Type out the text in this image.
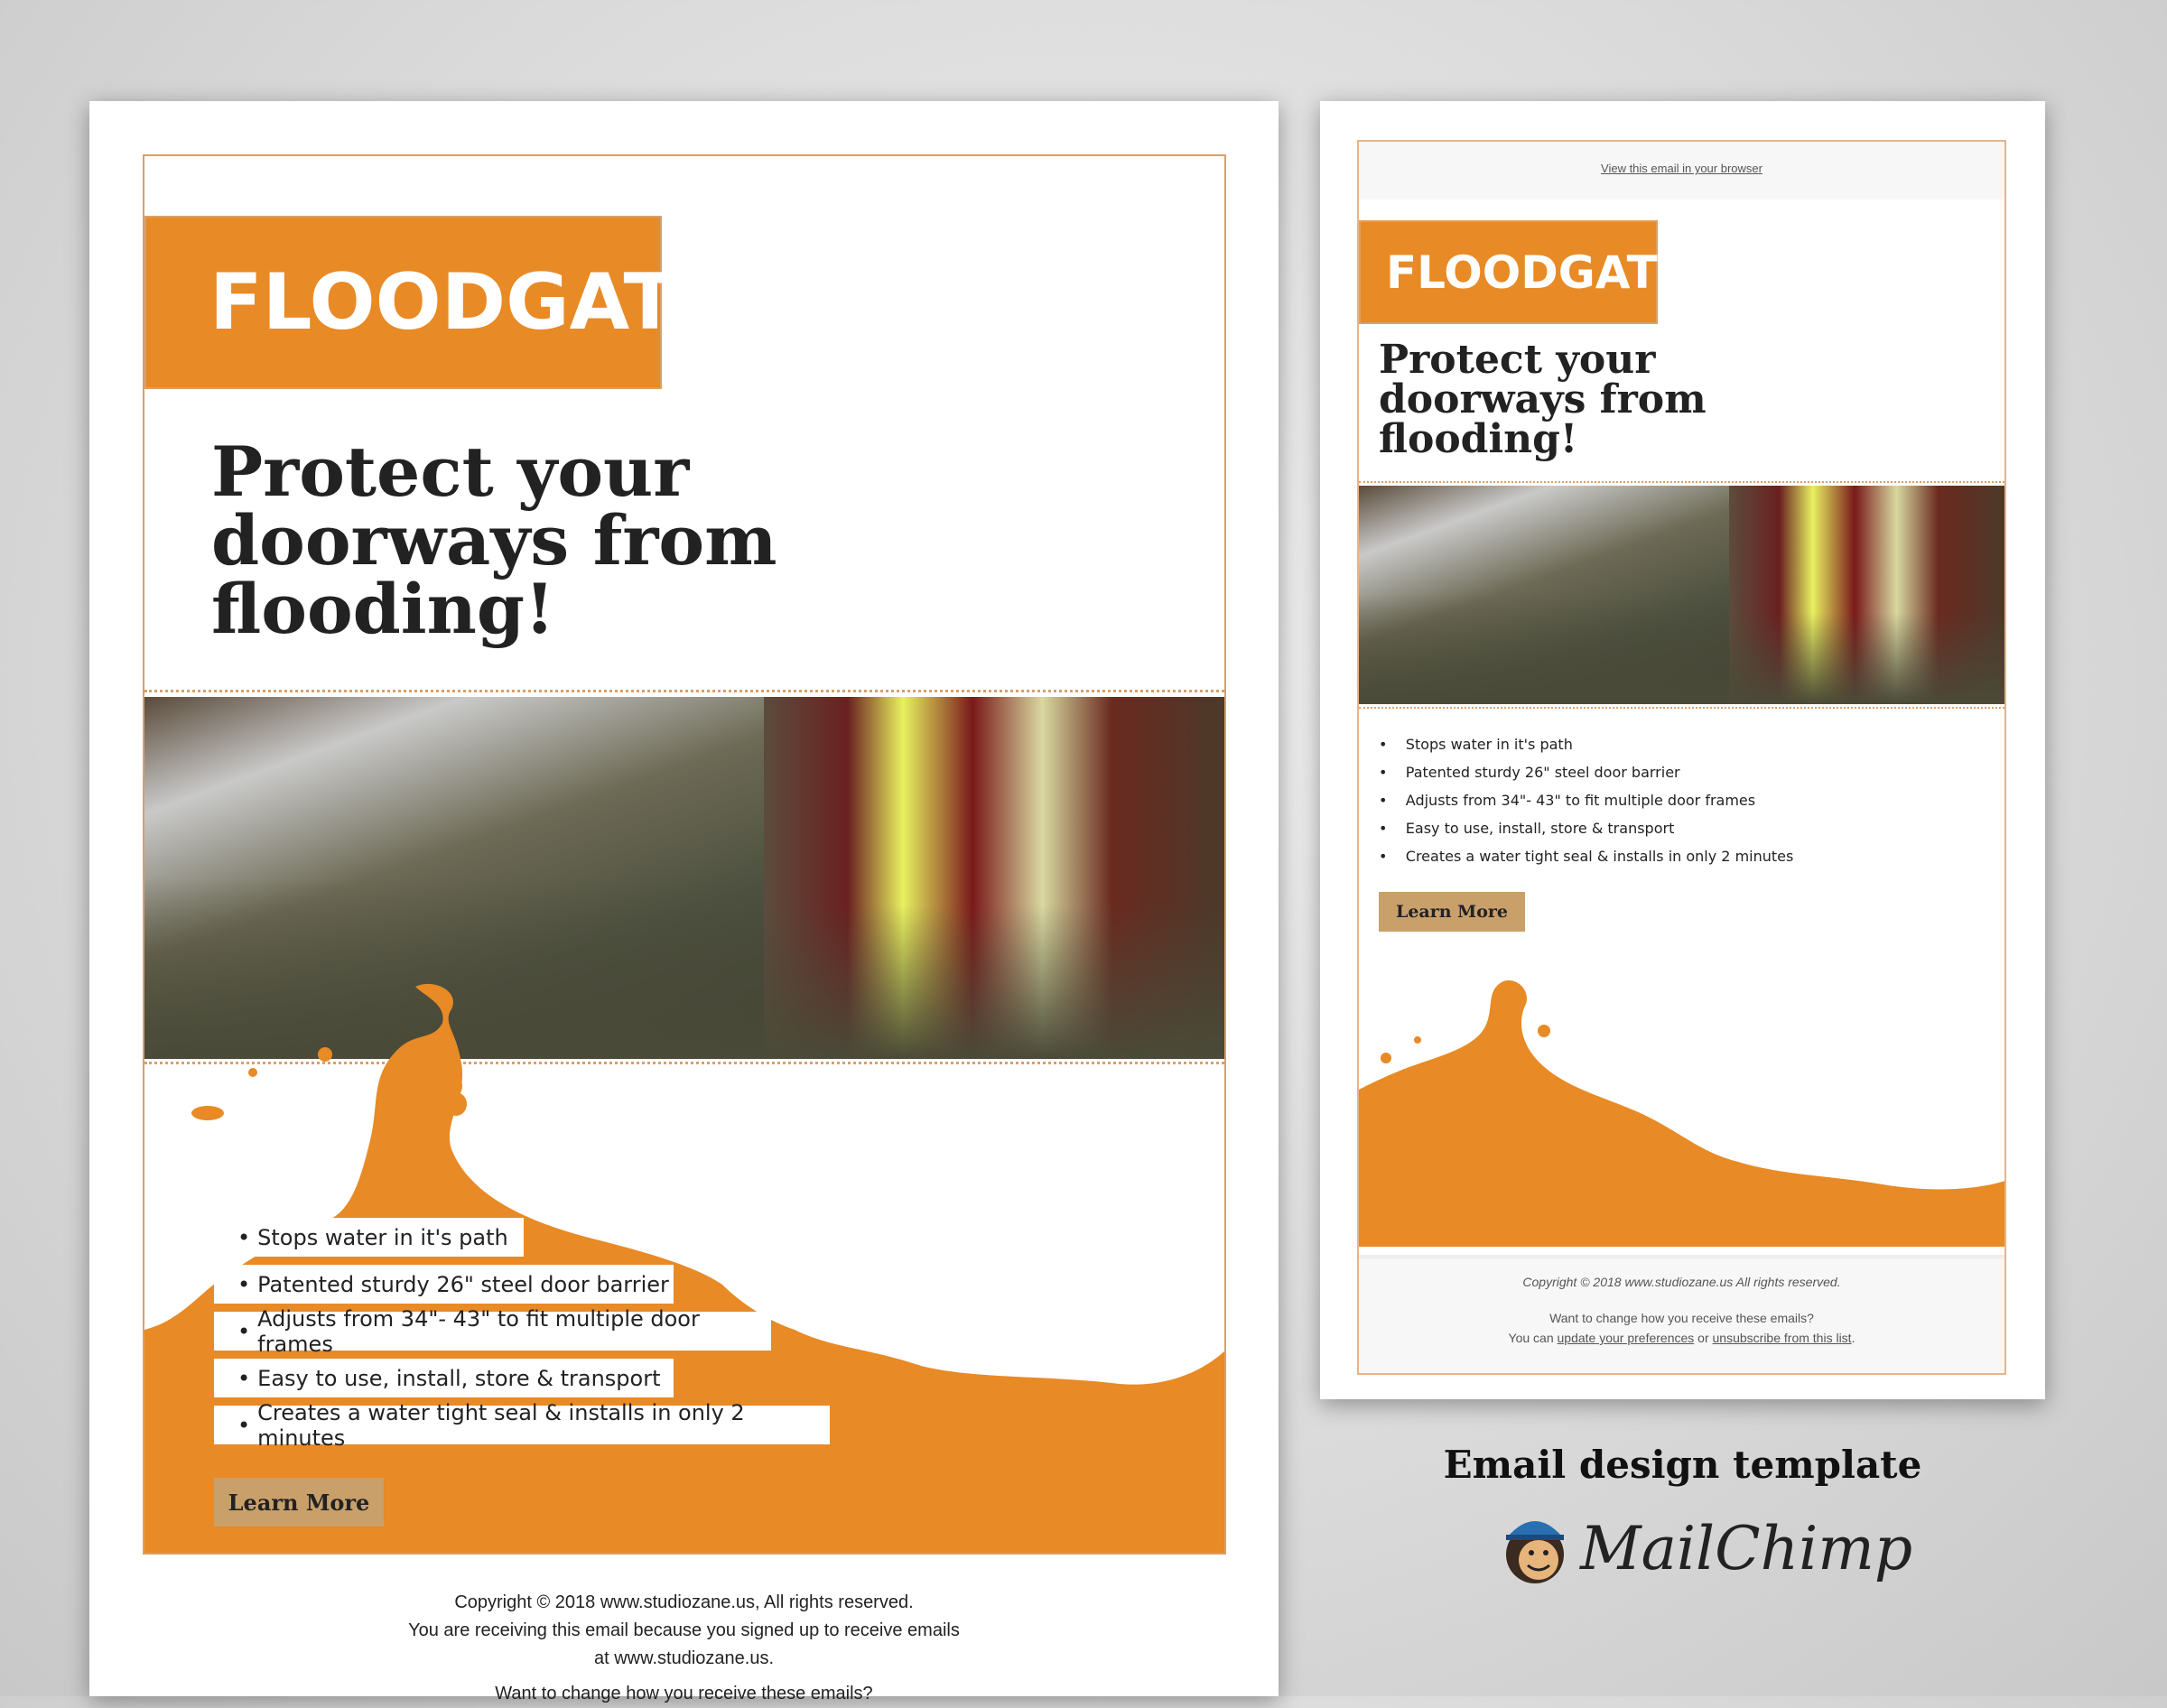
FLOODGATE
Protect your
doorways from
flooding!
• Stops water in it's path
• Patented sturdy 26" steel door barrier
• Adjusts from 34"- 43" to fit multiple door frames
• Easy to use, install, store & transport
• Creates a water tight seal & installs in only 2 minutes
Learn More
Copyright © 2018 www.studiozane.us, All rights reserved.
You are receiving this email because you signed up to receive emails
at www.studiozane.us.
Want to change how you receive these emails?
View this email in your browser
FLOODGATE
Protect your
doorways from
flooding!
•    Stops water in it's path
•    Patented sturdy 26" steel door barrier
•    Adjusts from 34"- 43" to fit multiple door frames
•    Easy to use, install, store & transport
•    Creates a water tight seal & installs in only 2 minutes
Learn More
Copyright © 2018 www.studiozane.us All rights reserved.
Want to change how you receive these emails?
You can update your preferences or unsubscribe from this list.
Email design template
MailChimp
